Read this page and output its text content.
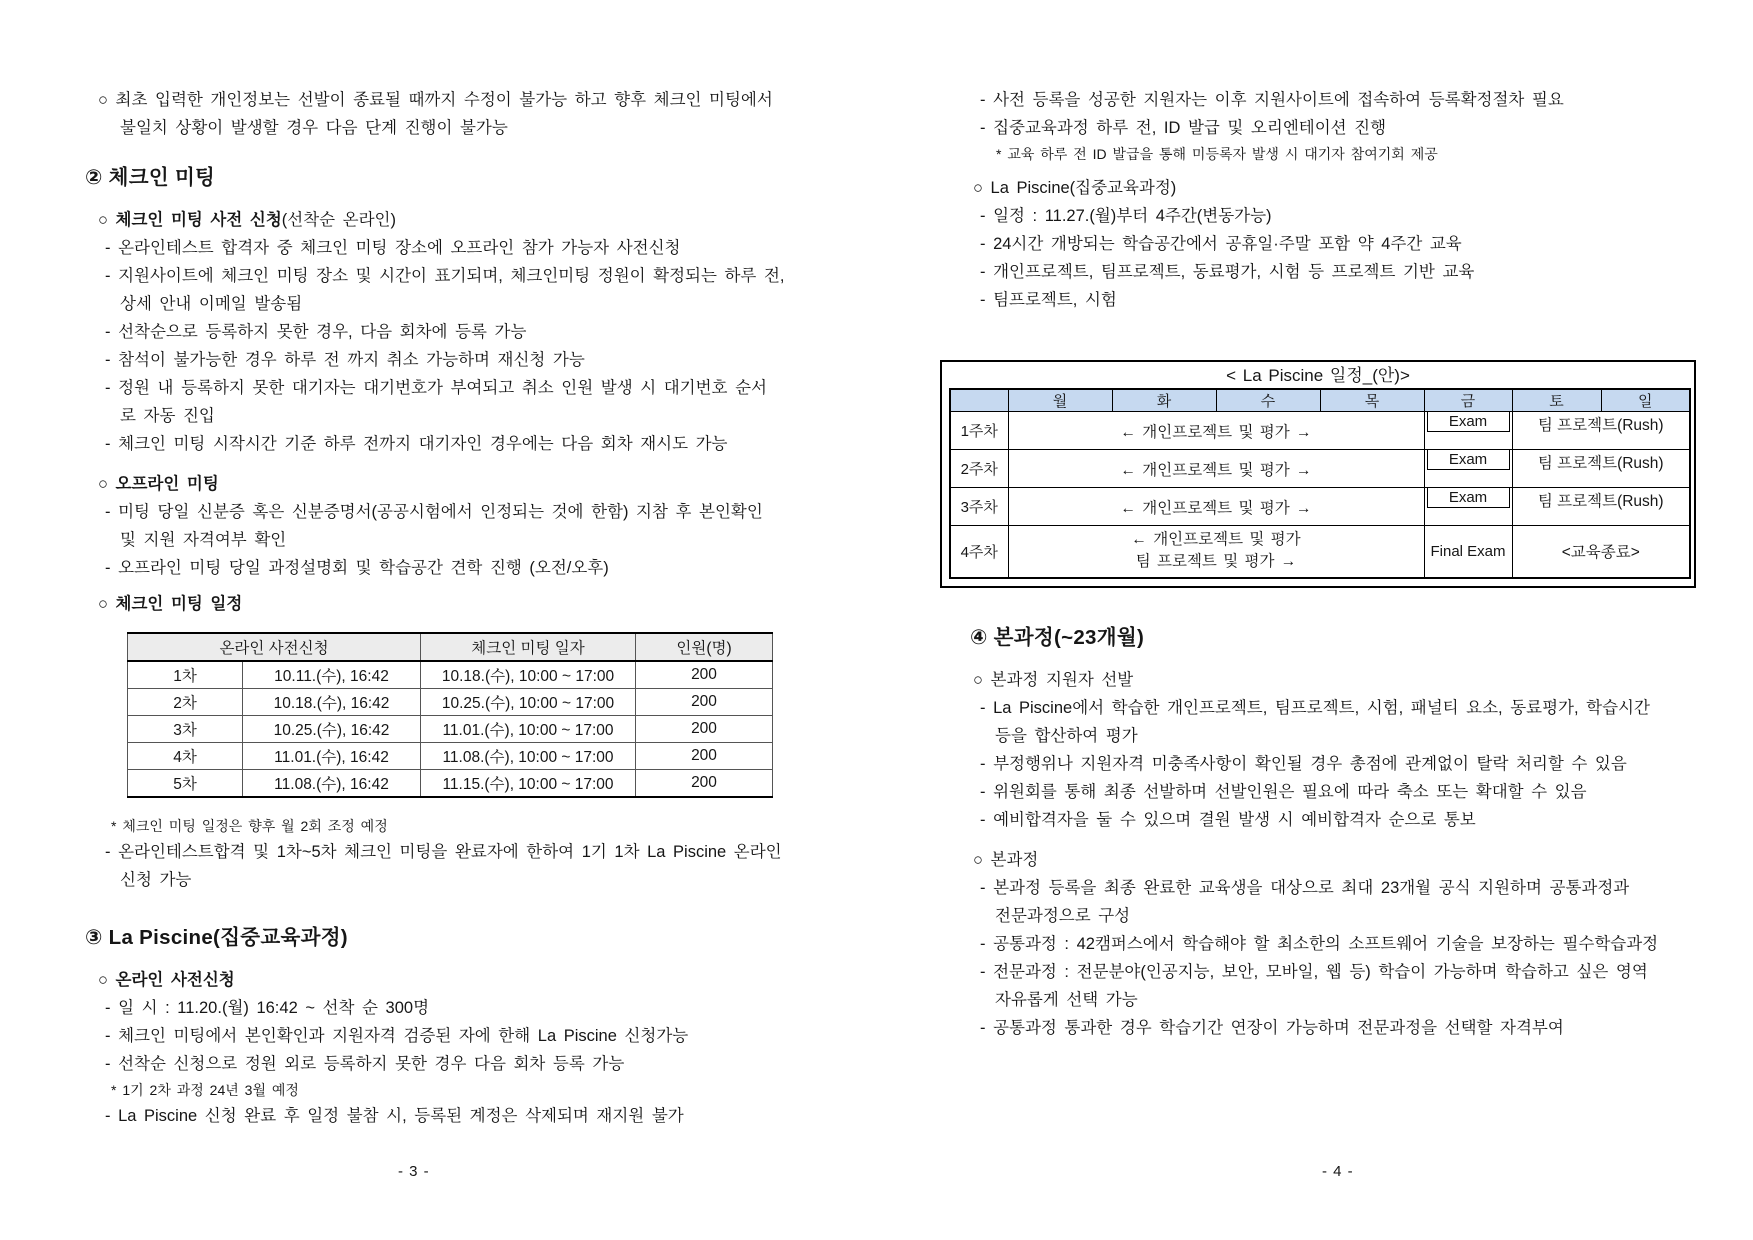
○ 최초 입력한 개인정보는 선발이 종료될 때까지 수정이 불가능 하고 향후 체크인 미팅에서
불일치 상황이 발생할 경우 다음 단계 진행이 불가능
② 체크인 미팅
○ 체크인 미팅 사전 신청(선착순 온라인)
- 온라인테스트 합격자 중 체크인 미팅 장소에 오프라인 참가 가능자 사전신청
- 지원사이트에 체크인 미팅 장소 및 시간이 표기되며, 체크인미팅 정원이 확정되는 하루 전,
상세 안내 이메일 발송됨
- 선착순으로 등록하지 못한 경우, 다음 회차에 등록 가능
- 참석이 불가능한 경우 하루 전 까지 취소 가능하며 재신청 가능
- 정원 내 등록하지 못한 대기자는 대기번호가 부여되고 취소 인원 발생 시 대기번호 순서
로 자동 진입
- 체크인 미팅 시작시간 기준 하루 전까지 대기자인 경우에는 다음 회차 재시도 가능
○ 오프라인 미팅
- 미팅 당일 신분증 혹은 신분증명서(공공시험에서 인정되는 것에 한함) 지참 후 본인확인
및 지원 자격여부 확인
- 오프라인 미팅 당일 과정설명회 및 학습공간 견학 진행 (오전/오후)
○ 체크인 미팅 일정
온라인 사전신청		체크인 미팅 일자	인원(명)
1차	10.11.(수), 16:42	10.18.(수), 10:00 ~ 17:00	200
2차	10.18.(수), 16:42	10.25.(수), 10:00 ~ 17:00	200
3차	10.25.(수), 16:42	11.01.(수), 10:00 ~ 17:00	200
4차	11.01.(수), 16:42	11.08.(수), 10:00 ~ 17:00	200
5차	11.08.(수), 16:42	11.15.(수), 10:00 ~ 17:00	200
* 체크인 미팅 일정은 향후 월 2회 조정 예정
- 온라인테스트합격 및 1차~5차 체크인 미팅을 완료자에 한하여 1기 1차 La Piscine 온라인
신청 가능
③ La Piscine(집중교육과정)
○ 온라인 사전신청
- 일 시 : 11.20.(월) 16:42 ~ 선착 순 300명
- 체크인 미팅에서 본인확인과 지원자격 검증된 자에 한해 La Piscine 신청가능
- 선착순 신청으로 정원 외로 등록하지 못한 경우 다음 회차 등록 가능
* 1기 2차 과정 24년 3월 예정
- La Piscine 신청 완료 후 일정 불참 시, 등록된 계정은 삭제되며 재지원 불가
- 사전 등록을 성공한 지원자는 이후 지원사이트에 접속하여 등록확정절차 필요
- 집중교육과정 하루 전, ID 발급 및 오리엔테이션 진행
* 교육 하루 전 ID 발급을 통해 미등록자 발생 시 대기자 참여기회 제공
○ La Piscine(집중교육과정)
- 일정 : 11.27.(월)부터 4주간(변동가능)
- 24시간 개방되는 학습공간에서 공휴일·주말 포함 약 4주간 교육
- 개인프로젝트, 팀프로젝트, 동료평가, 시험 등 프로젝트 기반 교육
- 팀프로젝트, 시험
< La Piscine 일정_(안)>
	월	화	수	목	금	토	일
1주차	← 개인프로젝트 및 평가 →				Exam	팀 프로젝트(Rush)	
2주차	← 개인프로젝트 및 평가 →				Exam	팀 프로젝트(Rush)	
3주차	← 개인프로젝트 및 평가 →				Exam	팀 프로젝트(Rush)	
4주차	← 개인프로젝트 및 평가
팀 프로젝트 및 평가 →				Final Exam	<교육종료>	
④ 본과정(~23개월)
○ 본과정 지원자 선발
- La Piscine에서 학습한 개인프로젝트, 팀프로젝트, 시험, 패널티 요소, 동료평가, 학습시간
등을 합산하여 평가
- 부정행위나 지원자격 미충족사항이 확인될 경우 총점에 관계없이 탈락 처리할 수 있음
- 위원회를 통해 최종 선발하며 선발인원은 필요에 따라 축소 또는 확대할 수 있음
- 예비합격자을 둘 수 있으며 결원 발생 시 예비합격자 순으로 통보
○ 본과정
- 본과정 등록을 최종 완료한 교육생을 대상으로 최대 23개월 공식 지원하며 공통과정과
전문과정으로 구성
- 공통과정 : 42캠퍼스에서 학습해야 할 최소한의 소프트웨어 기술을 보장하는 필수학습과정
- 전문과정 : 전문분야(인공지능, 보안, 모바일, 웹 등) 학습이 가능하며 학습하고 싶은 영역
자유롭게 선택 가능
- 공통과정 통과한 경우 학습기간 연장이 가능하며 전문과정을 선택할 자격부여
- 3 -	- 4 -
